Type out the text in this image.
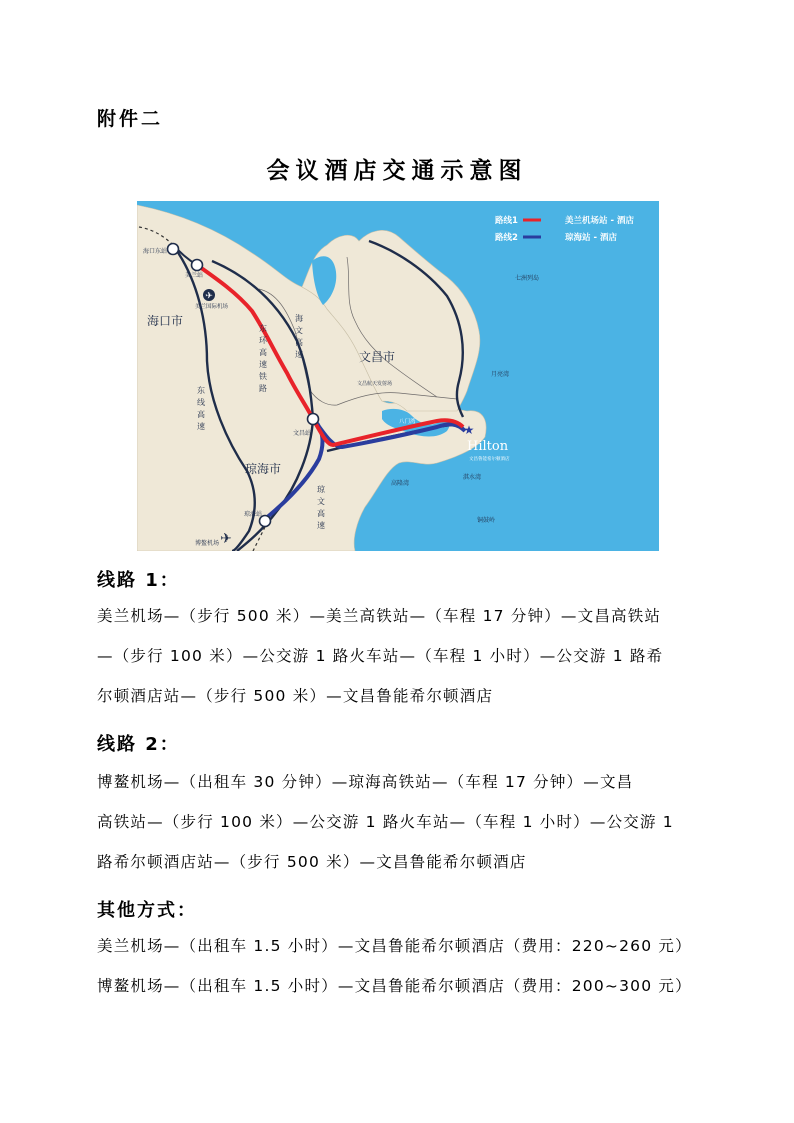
附件二
会议酒店交通示意图
✈
✈
★
路线1	美兰机场站 - 酒店
路线2	琼海站 - 酒店
海口市
文昌市
琼海市
海口东站
美兰站
美兰国际机场
文昌站
琼海站
博鳌机场
东线高速
东环高速铁路	海文高速
琼文高速
七洲列岛
月亮湾
八门湾
高隆湾
淇水湾
铜鼓岭
文昌航天发射场
Hilton
文昌鲁能希尔顿酒店
线路 1：

美兰机场—（步行 500 米）—美兰高铁站—（车程 17 分钟）—文昌高铁站
—（步行 100 米）—公交游 1 路火车站—（车程 1 小时）—公交游 1 路希
尔顿酒店站—（步行 500 米）—文昌鲁能希尔顿酒店

线路 2：

博鳌机场—（出租车 30 分钟）—琼海高铁站—（车程 17 分钟）—文昌
高铁站—（步行 100 米）—公交游 1 路火车站—（车程 1 小时）—公交游 1
路希尔顿酒店站—（步行 500 米）—文昌鲁能希尔顿酒店

其他方式：

美兰机场—（出租车 1.5 小时）—文昌鲁能希尔顿酒店（费用：220~260 元）
博鳌机场—（出租车 1.5 小时）—文昌鲁能希尔顿酒店（费用：200~300 元）
